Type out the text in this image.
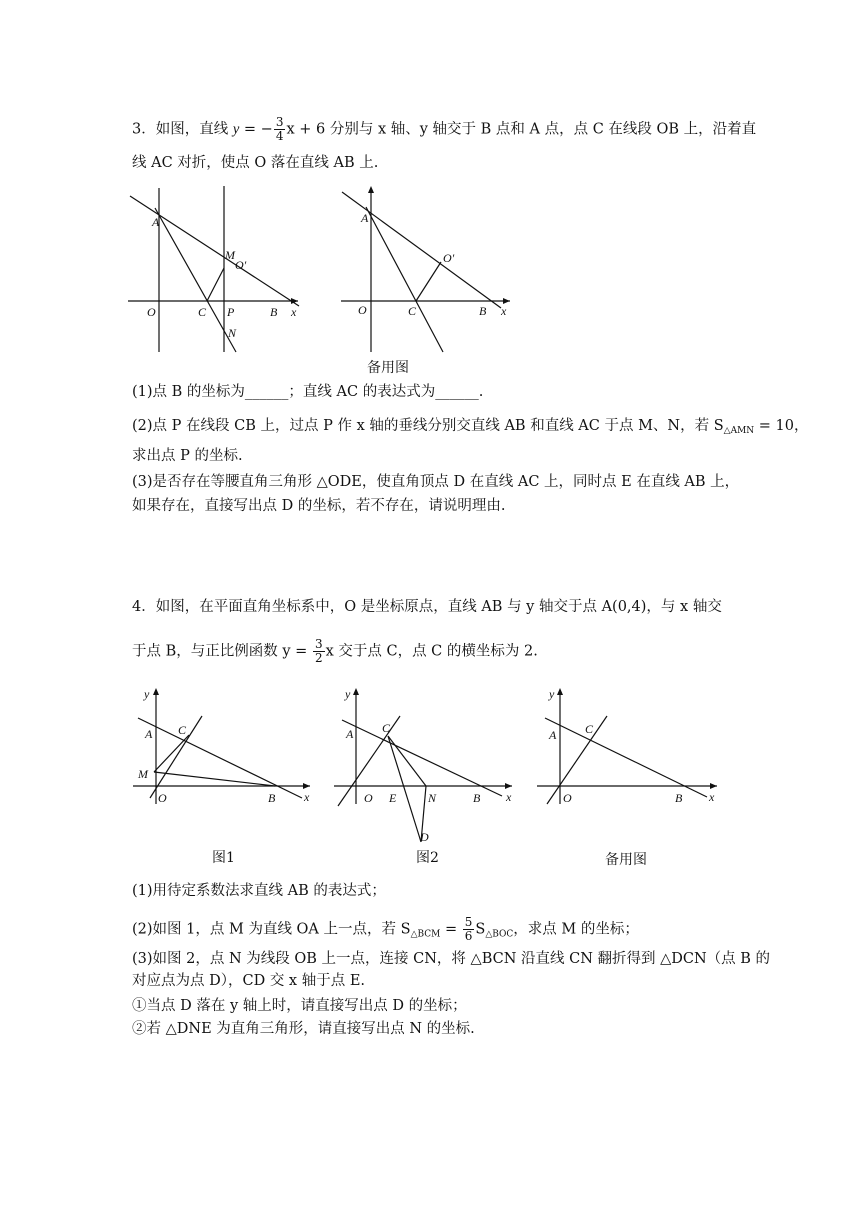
3．如图，直线 y = − $\frac{3}{4}$ x + 6 分别与 x 轴、y 轴交于 B 点和 A 点，点 C 在线段 OB 上，沿着直
线 AC 对折，使点 O 落在直线 AB 上.
A
M
O′
O	C P	B
N
x
A
O′
O	C	B x
备用图
(1)点 B 的坐标为______；直线 AC 的表达式为______.
(2)点 P 在线段 CB 上，过点 P 作 x 轴的垂线分别交直线 AB 和直线 AC 于点 M、N，若 $S_{\triangle AMN} = 10$，
求出点 P 的坐标.
(3)是否存在等腰直角三角形 △ODE，使直角顶点 D 在直线 AC 上，同时点 E 在直线 AB 上，
如果存在，直接写出点 D 的坐标，若不存在，请说明理由.
4．如图，在平面直角坐标系中，O 是坐标原点，直线 AB 与 y 轴交于点 A(0,4)，与 x 轴交
于点 B，与正比例函数 $y = \frac{3}{2}$ x 交于点 C，点 C 的横坐标为 2.
y
A C
M
O	B x
图1
y
A C
O E	N	B x
D
图2
y
A C
O	B x
备用图
(1)用待定系数法求直线 AB 的表达式；
(2)如图 1，点 M 为直线 OA 上一点，若 $S_{\triangle BCM} = \frac{5}{6} S_{\triangle BOC}$，求点 M 的坐标；
(3)如图 2，点 N 为线段 OB 上一点，连接 CN，将 △BCN 沿直线 CN 翻折得到 △DCN（点 B 的
对应点为点 D），CD 交 x 轴于点 E.
①当点 D 落在 y 轴上时，请直接写出点 D 的坐标；
②若 △DNE 为直角三角形，请直接写出点 N 的坐标.
